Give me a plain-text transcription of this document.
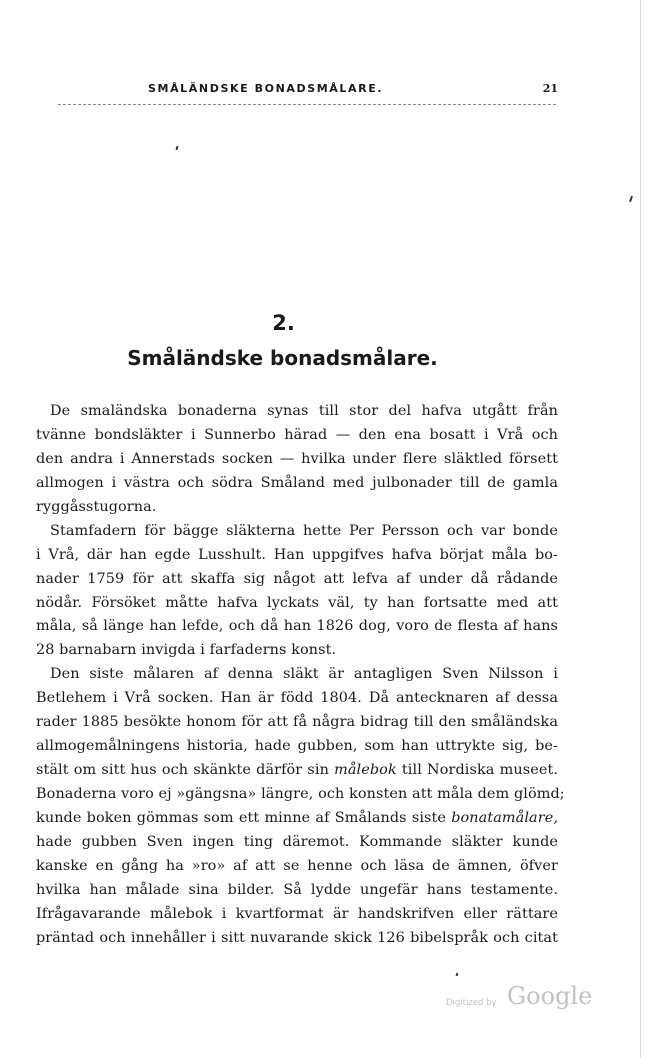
SMÅLÄNDSKE BONADSMÅLARE.	21
2.
Småländske bonadsmålare.
De smaländska bonaderna synas till stor del hafva utgått från
tvänne bondsläkter i Sunnerbo härad — den ena bosatt i Vrå och
den andra i Annerstads socken — hvilka under flere släktled försett
allmogen i västra och södra Småland med julbonader till de gamla
ryggåsstugorna.
Stamfadern för bägge släkterna hette Per Persson och var bonde
i Vrå, där han egde Lusshult. Han uppgifves hafva börjat måla bo-
nader 1759 för att skaffa sig något att lefva af under då rådande
nödår. Försöket måtte hafva lyckats väl, ty han fortsatte med att
måla, så länge han lefde, och då han 1826 dog, voro de flesta af hans
28 barnabarn invigda i farfaderns konst.
Den siste målaren af denna släkt är antagligen Sven Nilsson i
Betlehem i Vrå socken. Han är född 1804. Då antecknaren af dessa
rader 1885 besökte honom för att få några bidrag till den småländska
allmogemålningens historia, hade gubben, som han uttrykte sig, be-
stält om sitt hus och skänkte därför sin målebok till Nordiska museet.
Bonaderna voro ej »gängsna» längre, och konsten att måla dem glömd;
kunde boken gömmas som ett minne af Smålands siste bonatamålare,
hade gubben Sven ingen ting däremot. Kommande släkter kunde
kanske en gång ha »ro» af att se henne och läsa de ämnen, öfver
hvilka han målade sina bilder. Så lydde ungefär hans testamente.
Ifrågavarande målebok i kvartformat är handskrifven eller rättare
präntad och innehåller i sitt nuvarande skick 126 bibelspråk och citat
Digitized by Google
